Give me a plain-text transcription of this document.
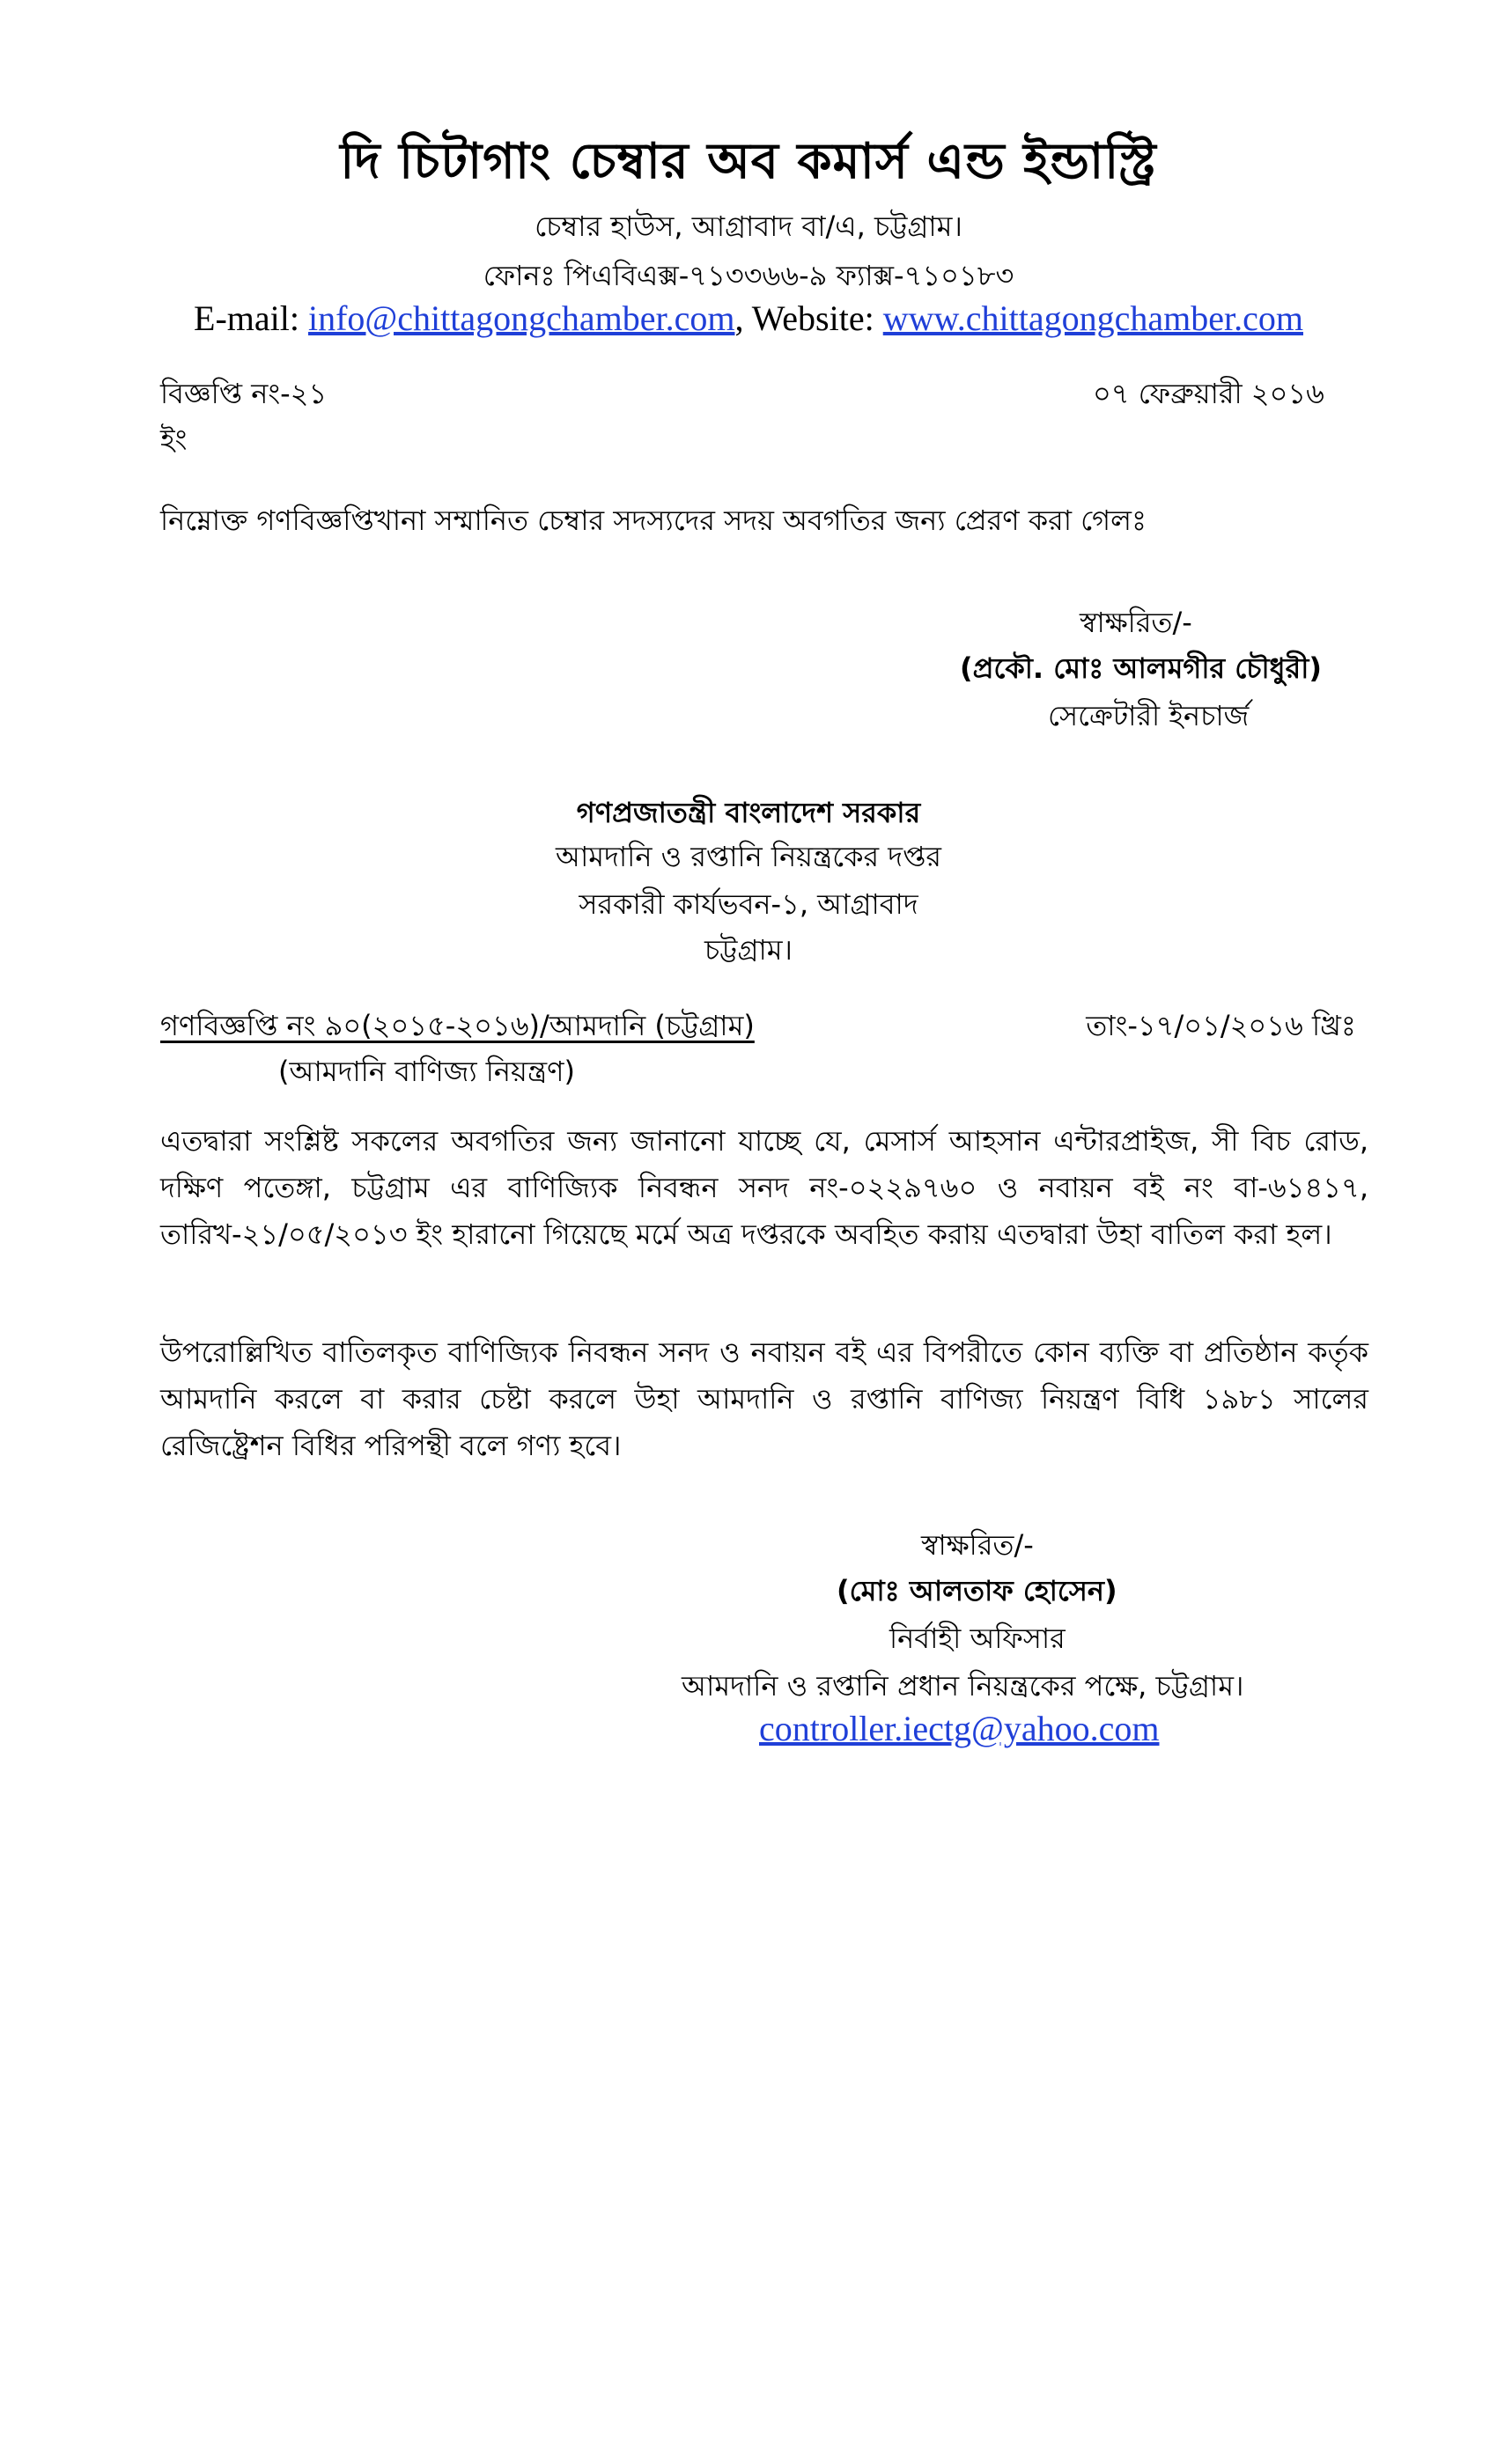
দি চিটাগাং চেম্বার অব কমার্স এন্ড ইন্ডাস্ট্রি
চেম্বার হাউস, আগ্রাবাদ বা/এ, চট্টগ্রাম।
ফোনঃ পিএবিএক্স-৭১৩৩৬৬-৯ ফ্যাক্স-৭১০১৮৩
E-mail: info@chittagongchamber.com, Website: www.chittagongchamber.com
বিজ্ঞপ্তি নং-২১	০৭ ফেব্রুয়ারী ২০১৬
ইং
নিম্নোক্ত গণবিজ্ঞপ্তিখানা সম্মানিত চেম্বার সদস্যদের সদয় অবগতির জন্য প্রেরণ করা গেলঃ
স্বাক্ষরিত/-
(প্রকৌ. মোঃ আলমগীর চৌধুরী)
সেক্রেটারী ইনচার্জ
গণপ্রজাতন্ত্রী বাংলাদেশ সরকার
আমদানি ও রপ্তানি নিয়ন্ত্রকের দপ্তর
সরকারী কার্যভবন-১, আগ্রাবাদ
চট্টগ্রাম।
গণবিজ্ঞপ্তি নং ৯০(২০১৫-২০১৬)/আমদানি (চট্টগ্রাম)	তাং-১৭/০১/২০১৬ খ্রিঃ
(আমদানি বাণিজ্য নিয়ন্ত্রণ)
এতদ্বারা সংশ্লিষ্ট সকলের অবগতির জন্য জানানো যাচ্ছে যে, মেসার্স আহসান এন্টারপ্রাইজ, সী বিচ রোড, দক্ষিণ পতেঙ্গা, চট্টগ্রাম এর বাণিজ্যিক নিবন্ধন সনদ নং-০২২৯৭৬০ ও নবায়ন বই নং বা-৬১৪১৭, তারিখ-২১/০৫/২০১৩ ইং হারানো গিয়েছে মর্মে অত্র দপ্তরকে অবহিত করায় এতদ্বারা উহা বাতিল করা হল।
উপরোল্লিখিত বাতিলকৃত বাণিজ্যিক নিবন্ধন সনদ ও নবায়ন বই এর বিপরীতে কোন ব্যক্তি বা প্রতিষ্ঠান কর্তৃক আমদানি করলে বা করার চেষ্টা করলে উহা আমদানি ও রপ্তানি বাণিজ্য নিয়ন্ত্রণ বিধি ১৯৮১ সালের রেজিষ্ট্রেশন বিধির পরিপন্থী বলে গণ্য হবে।
স্বাক্ষরিত/-
(মোঃ আলতাফ হোসেন)
নির্বাহী অফিসার
আমদানি ও রপ্তানি প্রধান নিয়ন্ত্রকের পক্ষে, চট্টগ্রাম।
controller.iectg@yahoo.com
